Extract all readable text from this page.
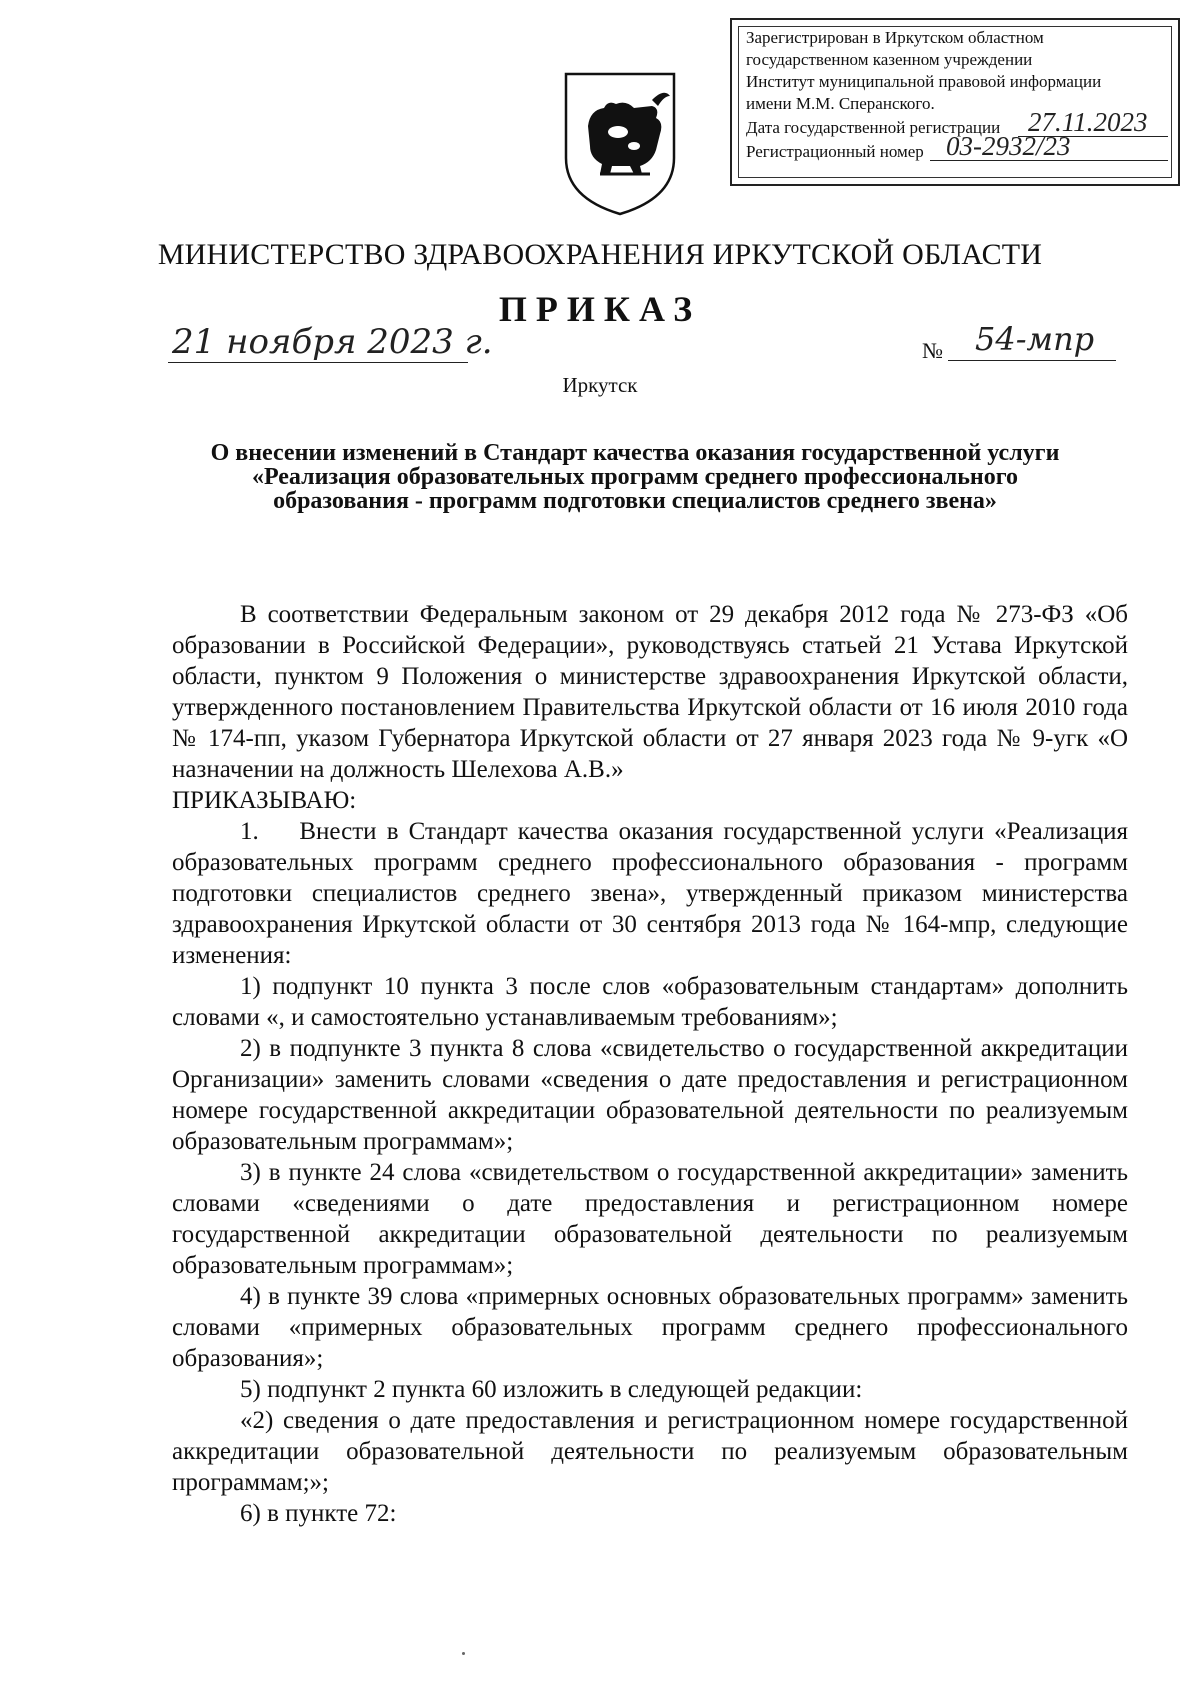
Зарегистрирован в Иркутском областном
государственном казенном учреждении
Институт муниципальной правовой информации
имени М.М. Сперанского.
Дата государственной регистрации 27.11.2023
Регистрационный номер 03-2932/23
МИНИСТЕРСТВО ЗДРАВООХРАНЕНИЯ ИРКУТСКОЙ ОБЛАСТИ
ПРИКАЗ
21 ноября 2023 г.	№ 54-мпр
Иркутск
О внесении изменений в Стандарт качества оказания государственной услуги «Реализация образовательных программ среднего профессионального образования - программ подготовки специалистов среднего звена»

В соответствии Федеральным законом от 29 декабря 2012 года № 273-ФЗ «Об образовании в Российской Федерации», руководствуясь статьей 21 Устава Иркутской области, пунктом 9 Положения о министерстве здравоохранения Иркутской области, утвержденного постановлением Правительства Иркутской области от 16 июля 2010 года № 174-пп, указом Губернатора Иркутской области от 27 января 2023 года № 9-угк «О назначении на должность Шелехова А.В.»

ПРИКАЗЫВАЮ:

1.    Внести в Стандарт качества оказания государственной услуги «Реализация образовательных программ среднего профессионального образования - программ подготовки специалистов среднего звена», утвержденный приказом министерства здравоохранения Иркутской области от 30 сентября 2013 года № 164-мпр, следующие изменения:

1) подпункт 10 пункта 3 после слов «образовательным стандартам» дополнить словами «, и самостоятельно устанавливаемым требованиям»;

2) в подпункте 3 пункта 8 слова «свидетельство о государственной аккредитации Организации» заменить словами «сведения о дате предоставления и регистрационном номере государственной аккредитации образовательной деятельности по реализуемым образовательным программам»;

3) в пункте 24 слова «свидетельством о государственной аккредитации» заменить словами «сведениями о дате предоставления и регистрационном номере государственной аккредитации образовательной деятельности по реализуемым образовательным программам»;

4) в пункте 39 слова «примерных основных образовательных программ» заменить словами «примерных образовательных программ среднего профессионального образования»;

5) подпункт 2 пункта 60 изложить в следующей редакции:

«2) сведения о дате предоставления и регистрационном номере государственной аккредитации образовательной деятельности по реализуемым образовательным программам;»;

6) в пункте 72:
